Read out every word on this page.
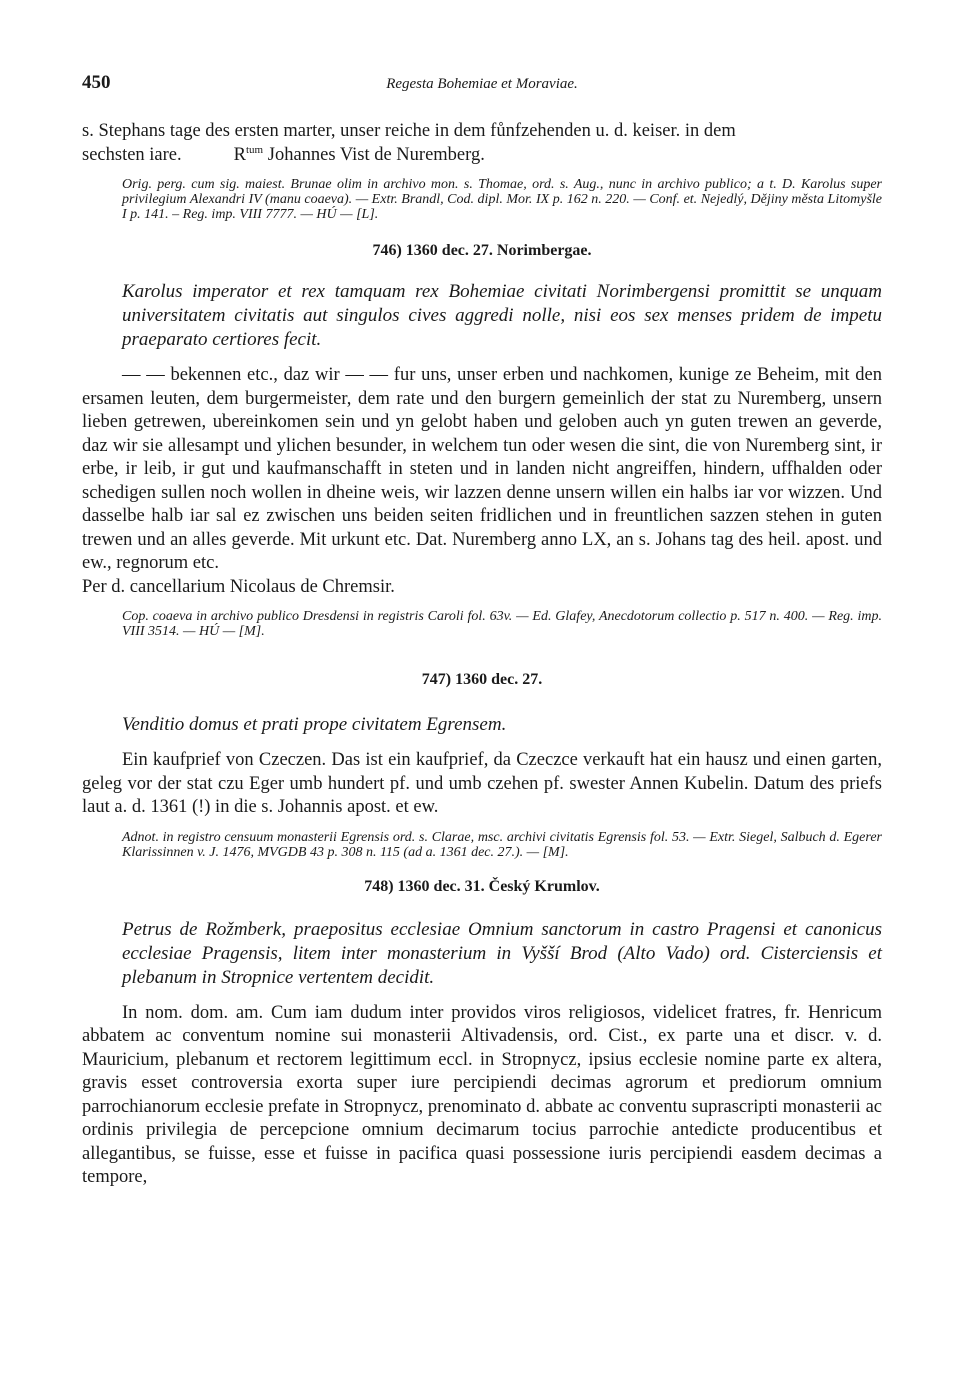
450	Regesta Bohemiae et Moraviae.

s. Stephans tage des ersten marter, unser reiche in dem fůnfzehenden u. d. keiser. in dem

sechsten iare.	$R^{tum}$ Johannes Vist de Nuremberg.

Orig. perg. cum sig. maiest. Brunae olim in archivo mon. s. Thomae, ord. s. Aug., nunc in archivo publico; a t. D. Karolus super privilegium Alexandri IV (manu coaeva). — Extr. Brandl, Cod. dipl. Mor. IX p. 162 n. 220. — Conf. et. Nejedlý, Dějiny města Litomyšle I p. 141. – Reg. imp. VIII 7777. — HÚ — [L].

746) 1360 dec. 27. Norimbergae.

Karolus imperator et rex tamquam rex Bohemiae civitati Norimbergensi promittit se unquam universitatem civitatis aut singulos cives aggredi nolle, nisi eos sex menses pridem de impetu praeparato certiores fecit.

— — bekennen etc., daz wir — — fur uns, unser erben und nachkomen, kunige ze Beheim, mit den ersamen leuten, dem burgermeister, dem rate und den burgern gemeinlich der stat zu Nuremberg, unsern lieben getrewen, ubereinkomen sein und yn gelobt haben und geloben auch yn guten trewen an geverde, daz wir sie allesampt und ylichen besunder, in welchem tun oder wesen die sint, die von Nuremberg sint, ir erbe, ir leib, ir gut und kaufmanschafft in steten und in landen nicht angreiffen, hindern, uffhalden oder schedigen sullen noch wollen in dheine weis, wir lazzen denne unsern willen ein halbs iar vor wizzen. Und dasselbe halb iar sal ez zwischen uns beiden seiten fridlichen und in freuntlichen sazzen stehen in guten trewen und an alles geverde. Mit urkunt etc. Dat. Nuremberg anno LX, an s. Johans tag des heil. apost. und ew., regnorum etc.

Per d. cancellarium Nicolaus de Chremsir.

Cop. coaeva in archivo publico Dresdensi in registris Caroli fol. 63v. — Ed. Glafey, Anecdotorum collectio p. 517 n. 400. — Reg. imp. VIII 3514. — HÚ — [M].

747) 1360 dec. 27.

Venditio domus et prati prope civitatem Egrensem.

Ein kaufprief von Czeczen. Das ist ein kaufprief, da Czeczce verkauft hat ein hausz und einen garten, geleg vor der stat czu Eger umb hundert pf. und umb czehen pf. swester Annen Kubelin. Datum des priefs laut a. d. 1361 (!) in die s. Johannis apost. et ew.

Adnot. in registro censuum monasterii Egrensis ord. s. Clarae, msc. archivi civitatis Egrensis fol. 53. — Extr. Siegel, Salbuch d. Egerer Klarissinnen v. J. 1476, MVGDB 43 p. 308 n. 115 (ad a. 1361 dec. 27.). — [M].

748) 1360 dec. 31. Český Krumlov.

Petrus de Rožmberk, praepositus ecclesiae Omnium sanctorum in castro Pragensi et canonicus ecclesiae Pragensis, litem inter monasterium in Vyšší Brod (Alto Vado) ord. Cisterciensis et plebanum in Stropnice vertentem decidit.

In nom. dom. am. Cum iam dudum inter providos viros religiosos, videlicet fratres, fr. Henricum abbatem ac conventum nomine sui monasterii Altivadensis, ord. Cist., ex parte una et discr. v. d. Mauricium, plebanum et rectorem legittimum eccl. in Stropnycz, ipsius ecclesie nomine parte ex altera, gravis esset controversia exorta super iure percipiendi decimas agrorum et prediorum omnium parrochianorum ecclesie prefate in Stropnycz, prenominato d. abbate ac conventu suprascripti monasterii ac ordinis privilegia de percepcione omnium decimarum tocius parrochie antedicte producentibus et allegantibus, se fuisse, esse et fuisse in pacifica quasi possessione iuris percipiendi easdem decimas a tempore,
